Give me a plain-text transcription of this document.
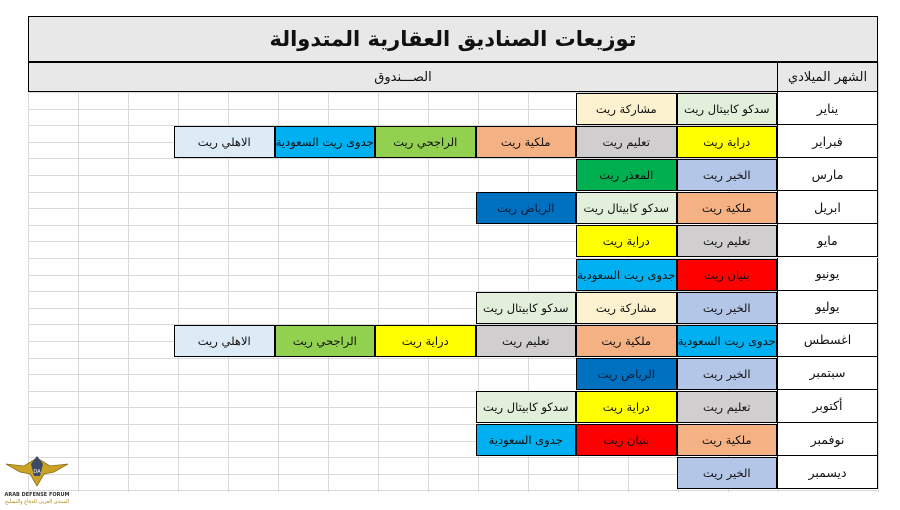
توزيعات الصناديق العقارية المتدوالة
الصـــندوق	الشهر الميلادي
يناير
سدكو كابيتال ريت
مشاركة ريت
فبراير
دراية ريت
تعليم ريت
ملكية ريت
الراجحي ريت
جدوى ريت السعودية
الاهلي ريت
مارس
الخير ريت
المعذر ريت
ابريل
ملكية ريت
سدكو كابيتال ريت
الرياض ريت
مايو
تعليم ريت
دراية ريت
يونيو
بنيان ريت
جدوى ريت السعودية
يوليو
الخير ريت
مشاركة ريت
سدكو كابيتال ريت
اغسطس
جدوى ريت السعودية
ملكية ريت
تعليم ريت
دراية ريت
الراجحي ريت
الاهلي ريت
سبتمبر
الخير ريت
الرياض ريت
أكتوبر
تعليم ريت
دراية ريت
سدكو كابيتال ريت
نوفمبر
ملكية ريت
بنيان ريت
جدوى السعودية
ديسمبر
الخير ريت
DA
ARAB DEFENSE FORUM
المنتدى العربي للدفاع والتسليح
